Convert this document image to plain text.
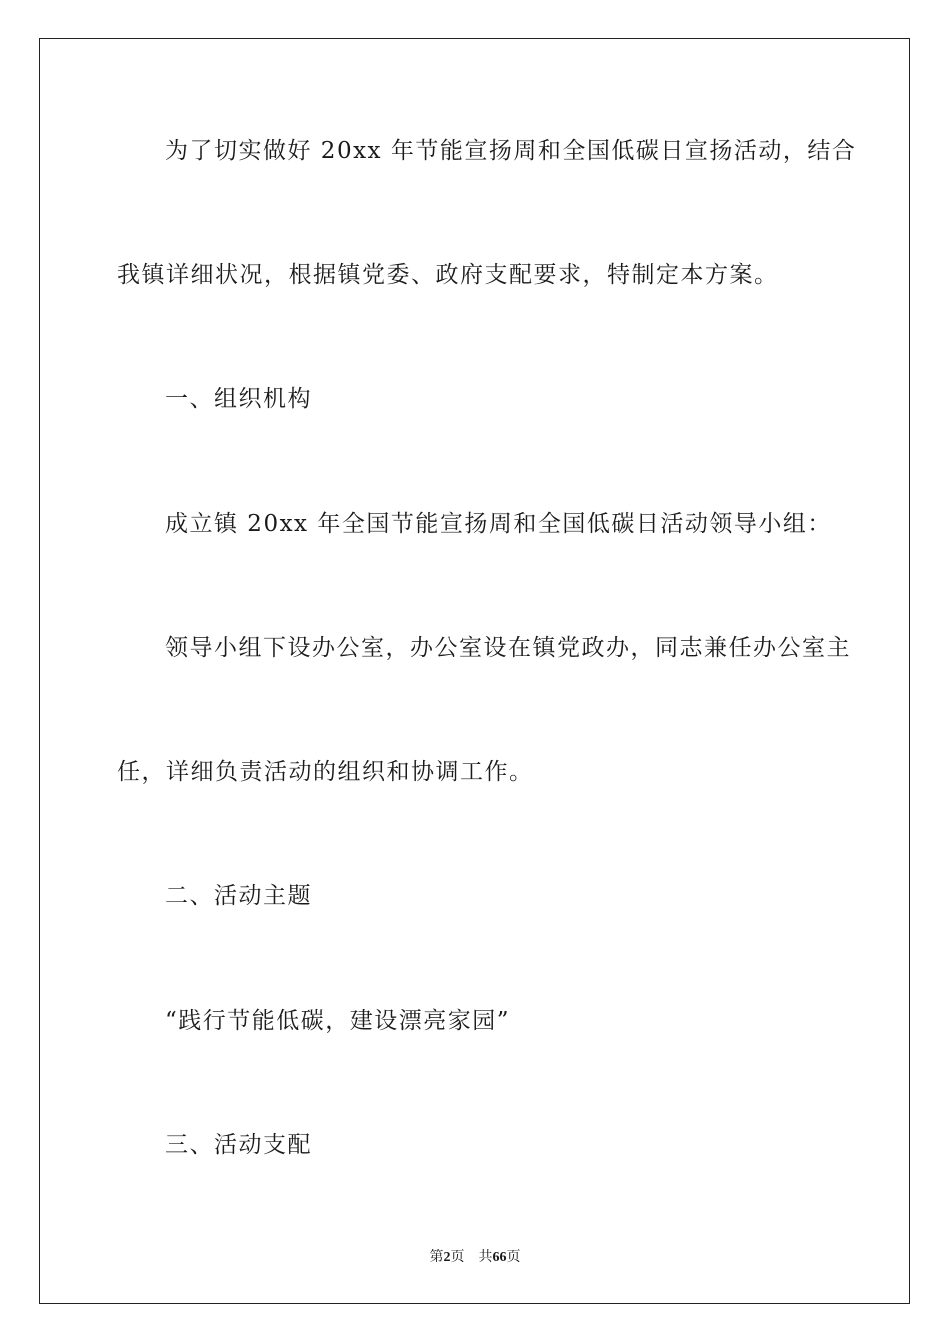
为了切实做好 20xx 年节能宣扬周和全国低碳日宣扬活动，结合

我镇详细状况，根据镇党委、政府支配要求，特制定本方案。

一、组织机构

成立镇 20xx 年全国节能宣扬周和全国低碳日活动领导小组：

领导小组下设办公室，办公室设在镇党政办，同志兼任办公室主

任，详细负责活动的组织和协调工作。

二、活动主题

“践行节能低碳，建设漂亮家园”

三、活动支配

第2页 共66页
